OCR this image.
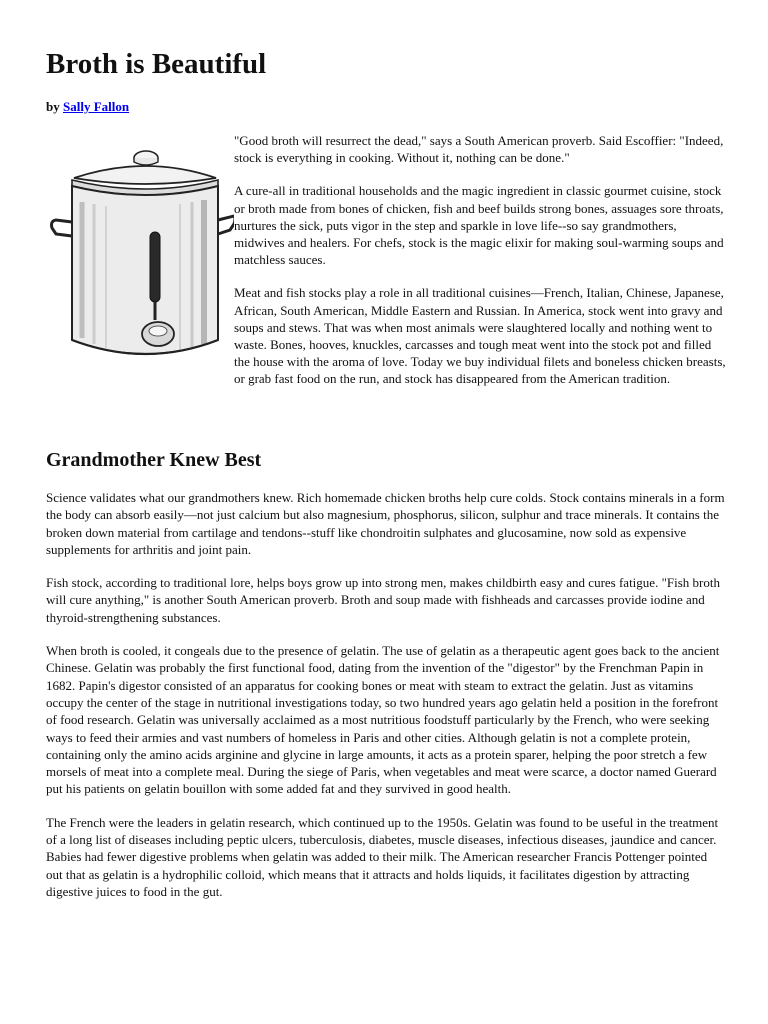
Broth is Beautiful
by Sally Fallon

"Good broth will resurrect the dead," says a South American proverb. Said Escoffier: "Indeed, stock is everything in cooking. Without it, nothing can be done."

A cure-all in traditional households and the magic ingredient in classic gourmet cuisine, stock or broth made from bones of chicken, fish and beef builds strong bones, assuages sore throats, nurtures the sick, puts vigor in the step and sparkle in love life--so say grandmothers, midwives and healers. For chefs, stock is the magic elixir for making soul-warming soups and matchless sauces.

Meat and fish stocks play a role in all traditional cuisines—French, Italian, Chinese, Japanese, African, South American, Middle Eastern and Russian. In America, stock went into gravy and soups and stews. That was when most animals were slaughtered locally and nothing went to waste. Bones, hooves, knuckles, carcasses and tough meat went into the stock pot and filled the house with the aroma of love. Today we buy individual filets and boneless chicken breasts, or grab fast food on the run, and stock has disappeared from the American tradition.

Grandmother Knew Best

Science validates what our grandmothers knew. Rich homemade chicken broths help cure colds. Stock contains minerals in a form the body can absorb easily—not just calcium but also magnesium, phosphorus, silicon, sulphur and trace minerals. It contains the broken down material from cartilage and tendons--stuff like chondroitin sulphates and glucosamine, now sold as expensive supplements for arthritis and joint pain.

Fish stock, according to traditional lore, helps boys grow up into strong men, makes childbirth easy and cures fatigue. "Fish broth will cure anything," is another South American proverb. Broth and soup made with fishheads and carcasses provide iodine and thyroid-strengthening substances.

When broth is cooled, it congeals due to the presence of gelatin. The use of gelatin as a therapeutic agent goes back to the ancient Chinese. Gelatin was probably the first functional food, dating from the invention of the "digestor" by the Frenchman Papin in 1682. Papin's digestor consisted of an apparatus for cooking bones or meat with steam to extract the gelatin. Just as vitamins occupy the center of the stage in nutritional investigations today, so two hundred years ago gelatin held a position in the forefront of food research. Gelatin was universally acclaimed as a most nutritious foodstuff particularly by the French, who were seeking ways to feed their armies and vast numbers of homeless in Paris and other cities. Although gelatin is not a complete protein, containing only the amino acids arginine and glycine in large amounts, it acts as a protein sparer, helping the poor stretch a few morsels of meat into a complete meal. During the siege of Paris, when vegetables and meat were scarce, a doctor named Guerard put his patients on gelatin bouillon with some added fat and they survived in good health.

The French were the leaders in gelatin research, which continued up to the 1950s. Gelatin was found to be useful in the treatment of a long list of diseases including peptic ulcers, tuberculosis, diabetes, muscle diseases, infectious diseases, jaundice and cancer. Babies had fewer digestive problems when gelatin was added to their milk. The American researcher Francis Pottenger pointed out that as gelatin is a hydrophilic colloid, which means that it attracts and holds liquids, it facilitates digestion by attracting digestive juices to food in the gut.
